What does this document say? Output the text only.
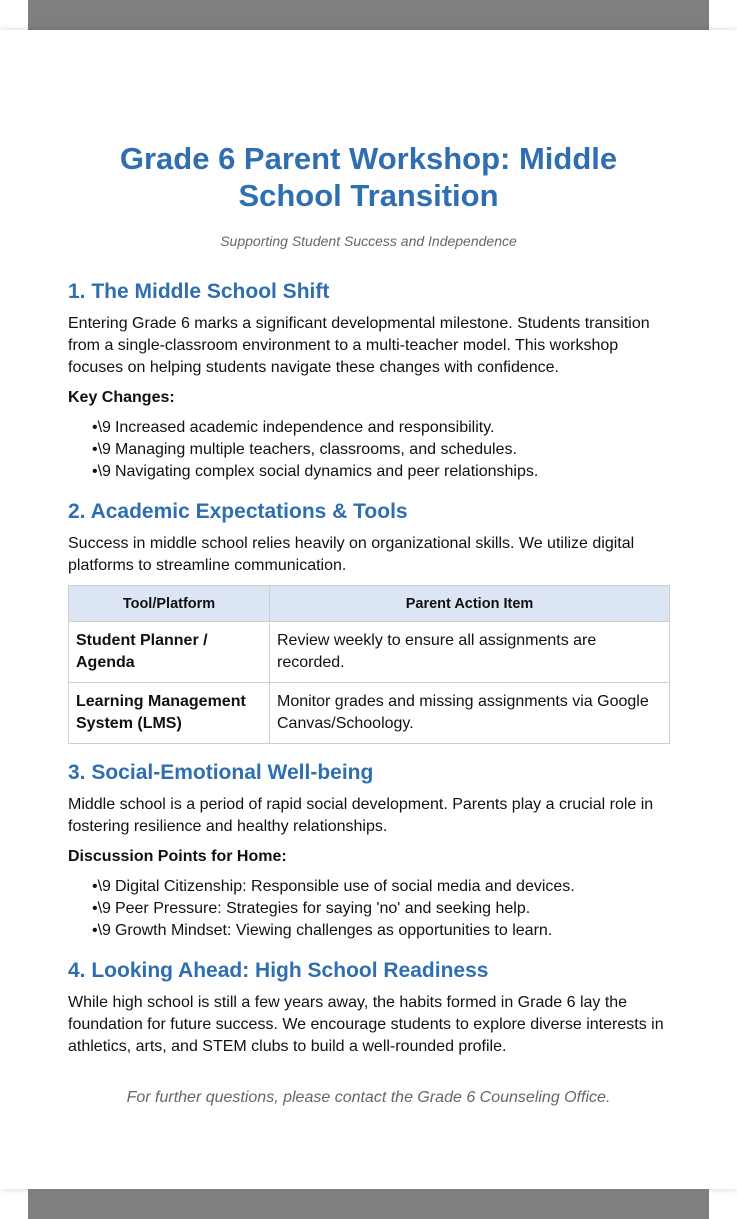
Grade 6 Parent Workshop: Middle School Transition
Supporting Student Success and Independence
1. The Middle School Shift

Entering Grade 6 marks a significant developmental milestone. Students transition from a single-classroom environment to a multi-teacher model. This workshop focuses on helping students navigate these changes with confidence.

Key Changes:
•\9 Increased academic independence and responsibility.
•\9 Managing multiple teachers, classrooms, and schedules.
•\9 Navigating complex social dynamics and peer relationships.
2. Academic Expectations & Tools

Success in middle school relies heavily on organizational skills. We utilize digital platforms to streamline communication.

Tool/Platform	Parent Action Item
Student Planner / Agenda	Review weekly to ensure all assignments are recorded.
Learning Management System (LMS)	Monitor grades and missing assignments via Google Canvas/Schoology.
3. Social-Emotional Well-being

Middle school is a period of rapid social development. Parents play a crucial role in fostering resilience and healthy relationships.

Discussion Points for Home:
•\9 Digital Citizenship: Responsible use of social media and devices.
•\9 Peer Pressure: Strategies for saying 'no' and seeking help.
•\9 Growth Mindset: Viewing challenges as opportunities to learn.
4. Looking Ahead: High School Readiness

While high school is still a few years away, the habits formed in Grade 6 lay the foundation for future success. We encourage students to explore diverse interests in athletics, arts, and STEM clubs to build a well-rounded profile.

For further questions, please contact the Grade 6 Counseling Office.
